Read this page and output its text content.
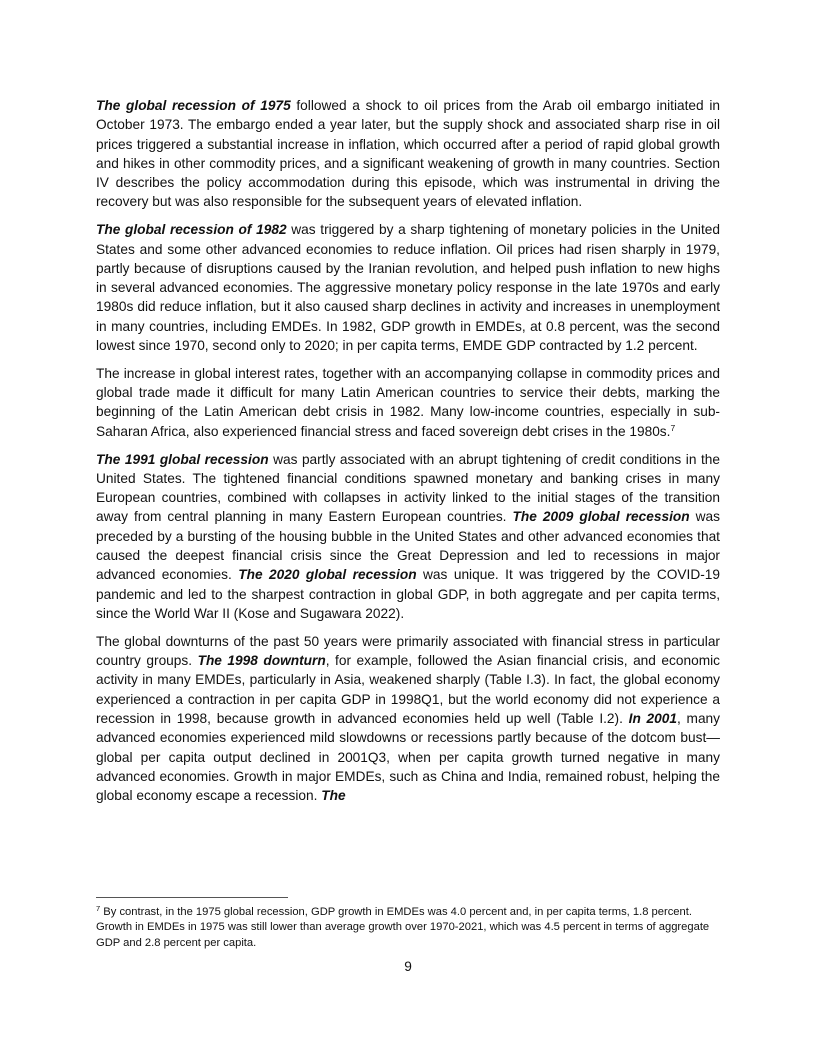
The global recession of 1975 followed a shock to oil prices from the Arab oil embargo initiated in October 1973. The embargo ended a year later, but the supply shock and associated sharp rise in oil prices triggered a substantial increase in inflation, which occurred after a period of rapid global growth and hikes in other commodity prices, and a significant weakening of growth in many countries. Section IV describes the policy accommodation during this episode, which was instrumental in driving the recovery but was also responsible for the subsequent years of elevated inflation.

The global recession of 1982 was triggered by a sharp tightening of monetary policies in the United States and some other advanced economies to reduce inflation. Oil prices had risen sharply in 1979, partly because of disruptions caused by the Iranian revolution, and helped push inflation to new highs in several advanced economies. The aggressive monetary policy response in the late 1970s and early 1980s did reduce inflation, but it also caused sharp declines in activity and increases in unemployment in many countries, including EMDEs. In 1982, GDP growth in EMDEs, at 0.8 percent, was the second lowest since 1970, second only to 2020; in per capita terms, EMDE GDP contracted by 1.2 percent.

The increase in global interest rates, together with an accompanying collapse in commodity prices and global trade made it difficult for many Latin American countries to service their debts, marking the beginning of the Latin American debt crisis in 1982. Many low-income countries, especially in sub-Saharan Africa, also experienced financial stress and faced sovereign debt crises in the 1980s.$^7$

The 1991 global recession was partly associated with an abrupt tightening of credit conditions in the United States. The tightened financial conditions spawned monetary and banking crises in many European countries, combined with collapses in activity linked to the initial stages of the transition away from central planning in many Eastern European countries. The 2009 global recession was preceded by a bursting of the housing bubble in the United States and other advanced economies that caused the deepest financial crisis since the Great Depression and led to recessions in major advanced economies. The 2020 global recession was unique. It was triggered by the COVID-19 pandemic and led to the sharpest contraction in global GDP, in both aggregate and per capita terms, since the World War II (Kose and Sugawara 2022).

The global downturns of the past 50 years were primarily associated with financial stress in particular country groups. The 1998 downturn, for example, followed the Asian financial crisis, and economic activity in many EMDEs, particularly in Asia, weakened sharply (Table I.3). In fact, the global economy experienced a contraction in per capita GDP in 1998Q1, but the world economy did not experience a recession in 1998, because growth in advanced economies held up well (Table I.2). In 2001, many advanced economies experienced mild slowdowns or recessions partly because of the dotcom bust—global per capita output declined in 2001Q3, when per capita growth turned negative in many advanced economies. Growth in major EMDEs, such as China and India, remained robust, helping the global economy escape a recession. The

$^7$ By contrast, in the 1975 global recession, GDP growth in EMDEs was 4.0 percent and, in per capita terms, 1.8 percent. Growth in EMDEs in 1975 was still lower than average growth over 1970-2021, which was 4.5 percent in terms of aggregate GDP and 2.8 percent per capita.

9
